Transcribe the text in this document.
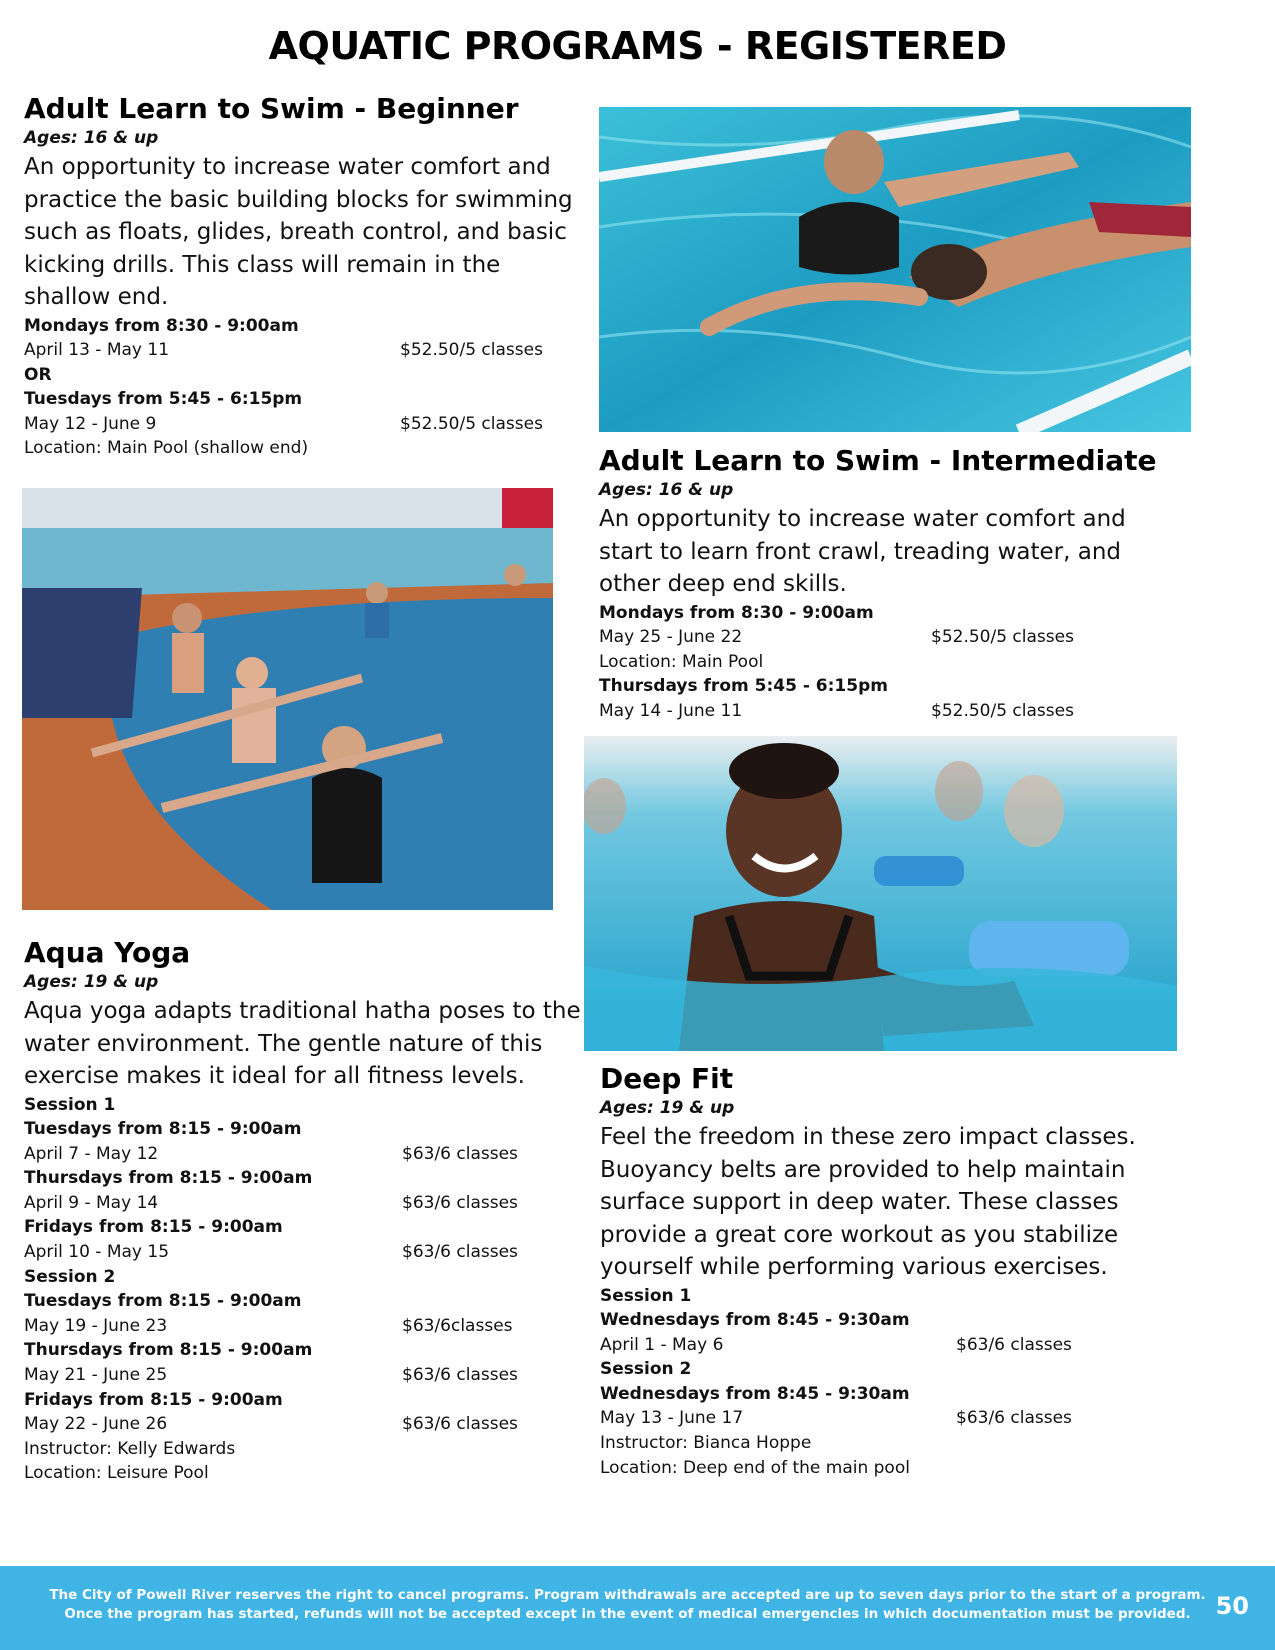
AQUATIC PROGRAMS - REGISTERED
Adult Learn to Swim - Beginner
Ages: 16 & up
An opportunity to increase water comfort and practice the basic building blocks for swimming such as floats, glides, breath control, and basic kicking drills. This class will remain in the shallow end.
Mondays from 8:30 - 9:00am
April 13 - May 11	$52.50/5 classes
OR
Tuesdays from 5:45 - 6:15pm
May 12 - June 9	$52.50/5 classes
Location: Main Pool (shallow end)	Adult Learn to Swim - Intermediate
Ages: 16 & up
An opportunity to increase water comfort and start to learn front crawl, treading water, and other deep end skills.
Mondays from 8:30 - 9:00am
May 25 - June 22	$52.50/5 classes
Location: Main Pool
Thursdays from 5:45 - 6:15pm
May 14 - June 11	$52.50/5 classes
Aqua Yoga
Ages: 19 & up
Aqua yoga adapts traditional hatha poses to the water environment. The gentle nature of this exercise makes it ideal for all fitness levels.
Session 1
Tuesdays from 8:15 - 9:00am
April 7 - May 12	$63/6 classes
Thursdays from 8:15 - 9:00am
April 9 - May 14	$63/6 classes
Fridays from 8:15 - 9:00am
April 10 - May 15	$63/6 classes
Session 2
Tuesdays from 8:15 - 9:00am
May 19 - June 23	$63/6classes
Thursdays from 8:15 - 9:00am
May 21 - June 25	$63/6 classes
Fridays from 8:15 - 9:00am
May 22 - June 26	$63/6 classes
Instructor: Kelly Edwards
Location: Leisure Pool
Deep Fit
Ages: 19 & up
Feel the freedom in these zero impact classes. Buoyancy belts are provided to help maintain surface support in deep water. These classes provide a great core workout as you stabilize yourself while performing various exercises.
Session 1
Wednesdays from 8:45 - 9:30am
April 1 - May 6	$63/6 classes
Session 2
Wednesdays from 8:45 - 9:30am
May 13 - June 17	$63/6 classes
Instructor: Bianca Hoppe
Location: Deep end of the main pool
The City of Powell River reserves the right to cancel programs. Program withdrawals are accepted are up to seven days prior to the start of a program. Once the program has started, refunds will not be accepted except in the event of medical emergencies in which documentation must be provided.	50
